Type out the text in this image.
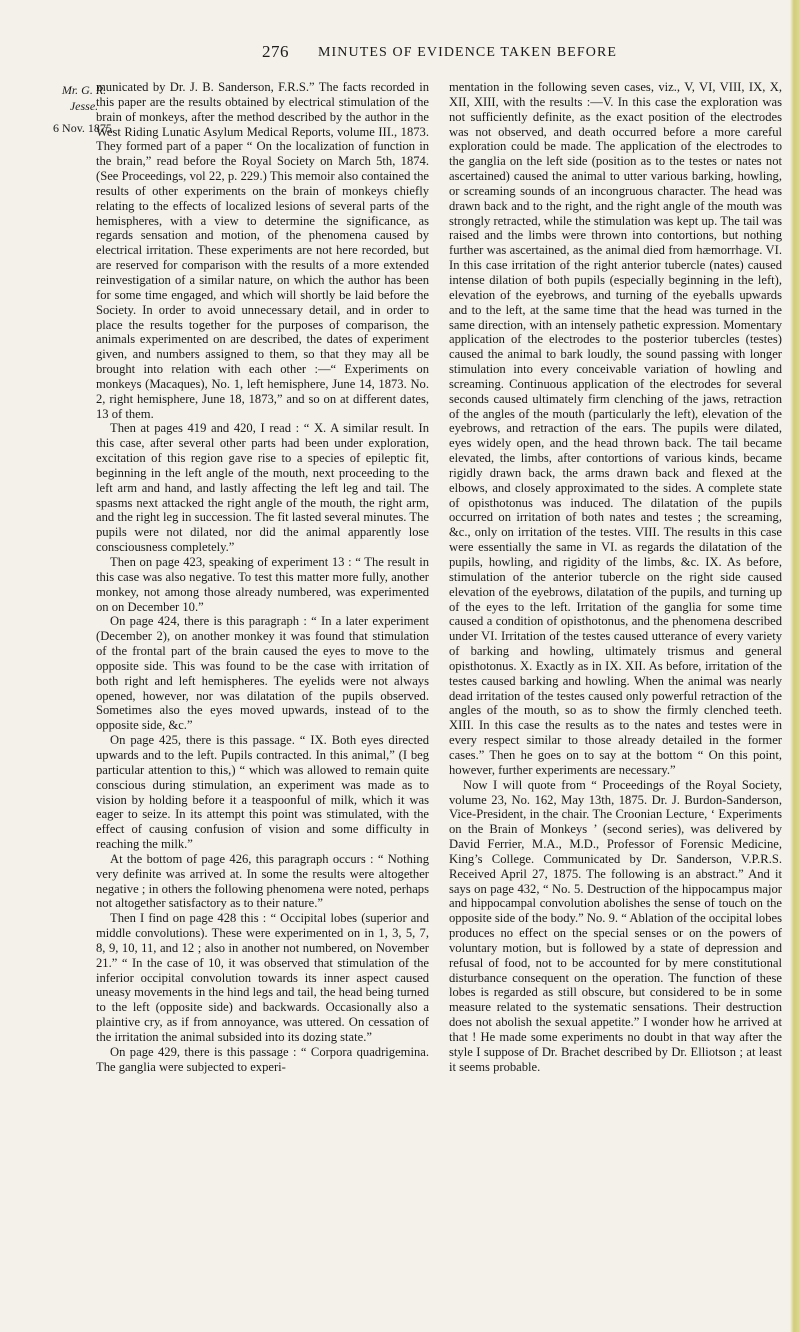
276 MINUTES OF EVIDENCE TAKEN BEFORE
Mr. G. R. Jesse.
6 Nov. 1875.

municated by Dr. J. B. Sanderson, F.R.S.” The facts recorded in this paper are the results obtained by electrical stimulation of the brain of monkeys, after the method described by the author in the West Riding Lunatic Asylum Medical Reports, volume III., 1873. They formed part of a paper “ On the localization of function in the brain,” read before the Royal Society on March 5th, 1874. (See Proceedings, vol 22, p. 229.) This memoir also contained the results of other experiments on the brain of monkeys chiefly relating to the effects of localized lesions of several parts of the hemispheres, with a view to determine the significance, as regards sensation and motion, of the phenomena caused by electrical irritation. These experiments are not here recorded, but are reserved for comparison with the results of a more extended reinvestigation of a similar nature, on which the author has been for some time engaged, and which will shortly be laid before the Society. In order to avoid unnecessary detail, and in order to place the results together for the purposes of comparison, the animals experimented on are described, the dates of experiment given, and numbers assigned to them, so that they may all be brought into relation with each other :—“ Experiments on monkeys (Macaques), No. 1, left hemisphere, June 14, 1873. No. 2, right hemisphere, June 18, 1873,” and so on at different dates, 13 of them.

Then at pages 419 and 420, I read : “ X. A similar result. In this case, after several other parts had been under exploration, excitation of this region gave rise to a species of epileptic fit, beginning in the left angle of the mouth, next proceeding to the left arm and hand, and lastly affecting the left leg and tail. The spasms next attacked the right angle of the mouth, the right arm, and the right leg in succession. The fit lasted several minutes. The pupils were not dilated, nor did the animal apparently lose consciousness completely.”

Then on page 423, speaking of experiment 13 : “ The result in this case was also negative. To test this matter more fully, another monkey, not among those already numbered, was experimented on on December 10.”

On page 424, there is this paragraph : “ In a later experiment (December 2), on another monkey it was found that stimulation of the frontal part of the brain caused the eyes to move to the opposite side. This was found to be the case with irritation of both right and left hemispheres. The eyelids were not always opened, however, nor was dilatation of the pupils observed. Sometimes also the eyes moved upwards, instead of to the opposite side, &c.”

On page 425, there is this passage. “ IX. Both eyes directed upwards and to the left. Pupils contracted. In this animal,” (I beg particular attention to this,) “ which was allowed to remain quite conscious during stimulation, an experiment was made as to vision by holding before it a teaspoonful of milk, which it was eager to seize. In its attempt this point was stimulated, with the effect of causing confusion of vision and some difficulty in reaching the milk.”

At the bottom of page 426, this paragraph occurs : “ Nothing very definite was arrived at. In some the results were altogether negative ; in others the following phenomena were noted, perhaps not altogether satisfactory as to their nature.”

Then I find on page 428 this : “ Occipital lobes (superior and middle convolutions). These were experimented on in 1, 3, 5, 7, 8, 9, 10, 11, and 12 ; also in another not numbered, on November 21.” “ In the case of 10, it was observed that stimulation of the inferior occipital convolution towards its inner aspect caused uneasy movements in the hind legs and tail, the head being turned to the left (opposite side) and backwards. Occasionally also a plaintive cry, as if from annoyance, was uttered. On cessation of the irritation the animal subsided into its dozing state.”

On page 429, there is this passage : “ Corpora quadrigemina. The ganglia were subjected to experi-

mentation in the following seven cases, viz., V, VI, VIII, IX, X, XII, XIII, with the results :—V. In this case the exploration was not sufficiently definite, as the exact position of the electrodes was not observed, and death occurred before a more careful exploration could be made. The application of the electrodes to the ganglia on the left side (position as to the testes or nates not ascertained) caused the animal to utter various barking, howling, or screaming sounds of an incongruous character. The head was drawn back and to the right, and the right angle of the mouth was strongly retracted, while the stimulation was kept up. The tail was raised and the limbs were thrown into contortions, but nothing further was ascertained, as the animal died from hæmorrhage. VI. In this case irritation of the right anterior tubercle (nates) caused intense dilation of both pupils (especially beginning in the left), elevation of the eyebrows, and turning of the eyeballs upwards and to the left, at the same time that the head was turned in the same direction, with an intensely pathetic expression. Momentary application of the electrodes to the posterior tubercles (testes) caused the animal to bark loudly, the sound passing with longer stimulation into every conceivable variation of howling and screaming. Continuous application of the electrodes for several seconds caused ultimately firm clenching of the jaws, retraction of the angles of the mouth (particularly the left), elevation of the eyebrows, and retraction of the ears. The pupils were dilated, eyes widely open, and the head thrown back. The tail became elevated, the limbs, after contortions of various kinds, became rigidly drawn back, the arms drawn back and flexed at the elbows, and closely approximated to the sides. A complete state of opisthotonus was induced. The dilatation of the pupils occurred on irritation of both nates and testes ; the screaming, &c., only on irritation of the testes. VIII. The results in this case were essentially the same in VI. as regards the dilatation of the pupils, howling, and rigidity of the limbs, &c. IX. As before, stimulation of the anterior tubercle on the right side caused elevation of the eyebrows, dilatation of the pupils, and turning up of the eyes to the left. Irritation of the ganglia for some time caused a condition of opisthotonus, and the phenomena described under VI. Irritation of the testes caused utterance of every variety of barking and howling, ultimately trismus and general opisthotonus. X. Exactly as in IX. XII. As before, irritation of the testes caused barking and howling. When the animal was nearly dead irritation of the testes caused only powerful retraction of the angles of the mouth, so as to show the firmly clenched teeth. XIII. In this case the results as to the nates and testes were in every respect similar to those already detailed in the former cases.” Then he goes on to say at the bottom “ On this point, however, further experiments are necessary.”

Now I will quote from “ Proceedings of the Royal Society, volume 23, No. 162, May 13th, 1875. Dr. J. Burdon-Sanderson, Vice-President, in the chair. The Croonian Lecture, ‘ Experiments on the Brain of Monkeys ’ (second series), was delivered by David Ferrier, M.A., M.D., Professor of Forensic Medicine, King’s College. Communicated by Dr. Sanderson, V.P.R.S. Received April 27, 1875. The following is an abstract.” And it says on page 432, “ No. 5. Destruction of the hippocampus major and hippocampal convolution abolishes the sense of touch on the opposite side of the body.” No. 9. “ Ablation of the occipital lobes produces no effect on the special senses or on the powers of voluntary motion, but is followed by a state of depression and refusal of food, not to be accounted for by mere constitutional disturbance consequent on the operation. The function of these lobes is regarded as still obscure, but considered to be in some measure related to the systematic sensations. Their destruction does not abolish the sexual appetite.” I wonder how he arrived at that ! He made some experiments no doubt in that way after the style I suppose of Dr. Brachet described by Dr. Elliotson ; at least it seems probable.
